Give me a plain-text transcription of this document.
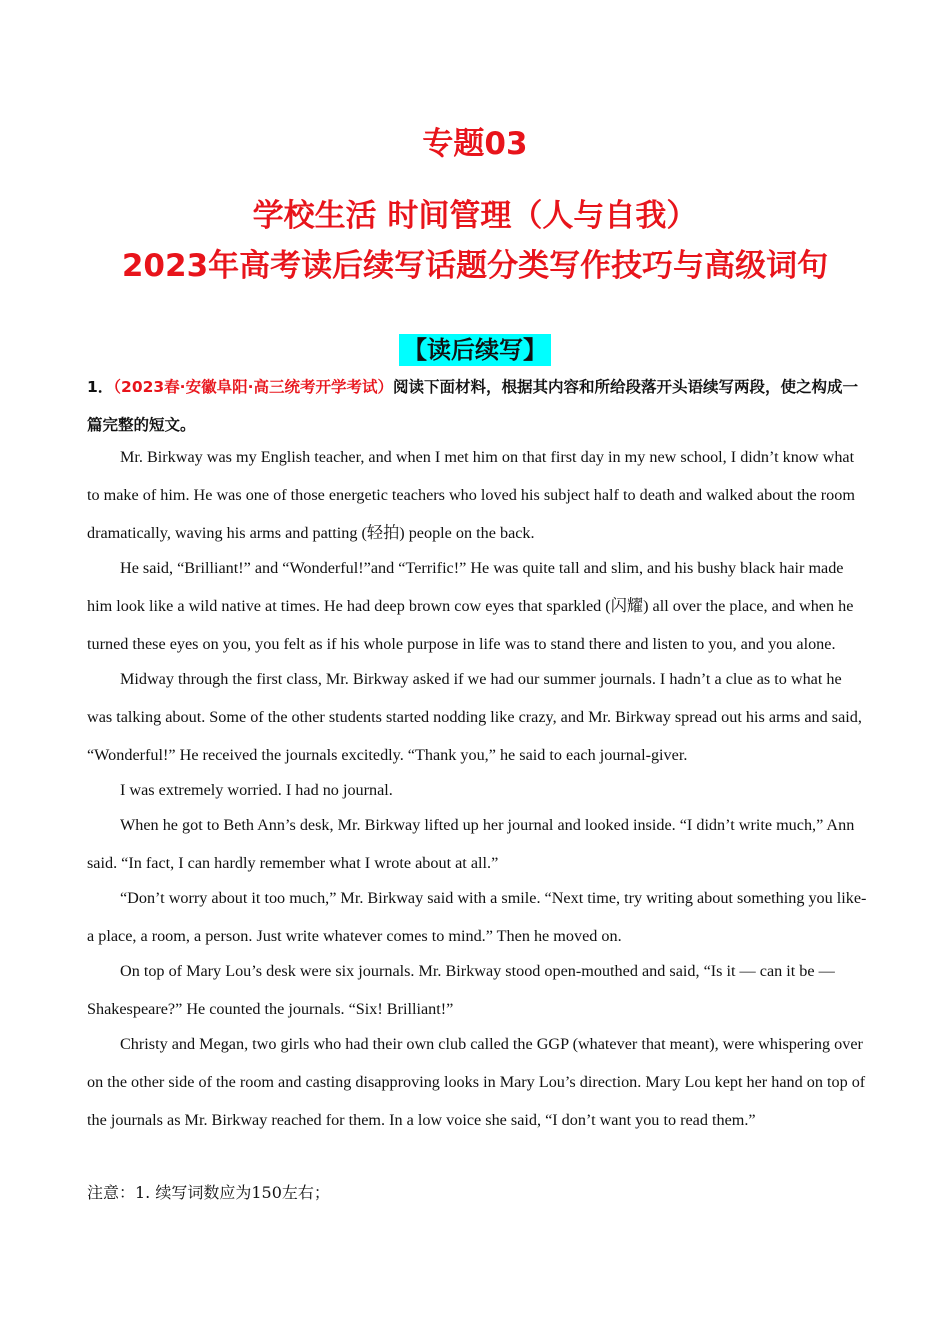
专题03
学校生活 时间管理（人与自我）
2023年高考读后续写话题分类写作技巧与高级词句
【读后续写】
1．（2023春·安徽阜阳·高三统考开学考试）阅读下面材料，根据其内容和所给段落开头语续写两段，使之构成一篇完整的短文。

Mr. Birkway was my English teacher, and when I met him on that first day in my new school, I didn’t know what to make of him. He was one of those energetic teachers who loved his subject half to death and walked about the room dramatically, waving his arms and patting (轻拍) people on the back.

He said, “Brilliant!” and “Wonderful!”and “Terrific!” He was quite tall and slim, and his bushy black hair made him look like a wild native at times. He had deep brown cow eyes that sparkled (闪耀) all over the place, and when he turned these eyes on you, you felt as if his whole purpose in life was to stand there and listen to you, and you alone.

Midway through the first class, Mr. Birkway asked if we had our summer journals. I hadn’t a clue as to what he was talking about. Some of the other students started nodding like crazy, and Mr. Birkway spread out his arms and said, “Wonderful!” He received the journals excitedly. “Thank you,” he said to each journal-giver.

I was extremely worried. I had no journal.

When he got to Beth Ann’s desk, Mr. Birkway lifted up her journal and looked inside. “I didn’t write much,” Ann said. “In fact, I can hardly remember what I wrote about at all.”

“Don’t worry about it too much,” Mr. Birkway said with a smile. “Next time, try writing about something you like-a place, a room, a person. Just write whatever comes to mind.” Then he moved on.

On top of Mary Lou’s desk were six journals. Mr. Birkway stood open-mouthed and said, “Is it — can it be — Shakespeare?” He counted the journals. “Six! Brilliant!”

Christy and Megan, two girls who had their own club called the GGP (whatever that meant), were whispering over on the other side of the room and casting disapproving looks in Mary Lou’s direction. Mary Lou kept her hand on top of the journals as Mr. Birkway reached for them. In a low voice she said, “I don’t want you to read them.”

注意：1. 续写词数应为150左右；
